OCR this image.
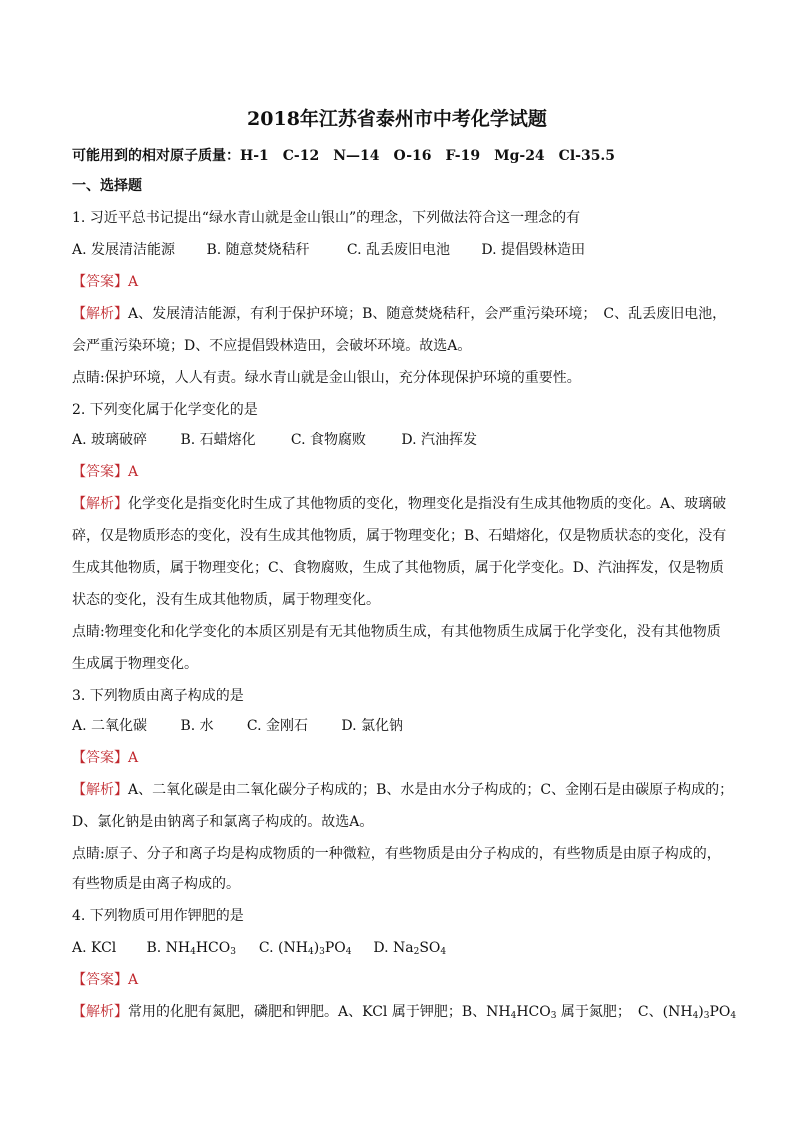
2018年江苏省泰州市中考化学试题
可能用到的相对原子质量：H-1　C-12　N—14　O-16　F-19　Mg-24　Cl-35.5
一、选择题
1. 习近平总书记提出“绿水青山就是金山银山”的理念，下列做法符合这一理念的有
A. 发展清洁能源 B. 随意焚烧秸秆	C. 乱丢废旧电池 D. 提倡毁林造田
【答案】A
【解析】A、发展清洁能源，有利于保护环境；B、随意焚烧秸秆，会严重污染环境；　C、乱丢废旧电池，
会严重污染环境；D、不应提倡毁林造田，会破坏环境。故选A。
点睛:保护环境，人人有责。绿水青山就是金山银山，充分体现保护环境的重要性。
2. 下列变化属于化学变化的是
A. 玻璃破碎 B. 石蜡熔化	C. 食物腐败	D. 汽油挥发
【答案】A
【解析】化学变化是指变化时生成了其他物质的变化，物理变化是指没有生成其他物质的变化。A、玻璃破
碎，仅是物质形态的变化，没有生成其他物质，属于物理变化；B、石蜡熔化，仅是物质状态的变化，没有
生成其他物质，属于物理变化；C、食物腐败，生成了其他物质，属于化学变化。D、汽油挥发，仅是物质
状态的变化，没有生成其他物质，属于物理变化。
点睛:物理变化和化学变化的本质区别是有无其他物质生成，有其他物质生成属于化学变化，没有其他物质
生成属于物理变化。
3. 下列物质由离子构成的是
A. 二氧化碳 B. 水 C. 金刚石 D. 氯化钠
【答案】A
【解析】A、二氧化碳是由二氧化碳分子构成的；B、水是由水分子构成的；C、金刚石是由碳原子构成的；
D、氯化钠是由钠离子和氯离子构成的。故选A。
点睛:原子、分子和离子均是构成物质的一种微粒，有些物质是由分子构成的，有些物质是由原子构成的，
有些物质是由离子构成的。
4. 下列物质可用作钾肥的是
A. KCl B. $NH_4HCO_3$ C. $(NH_4)_3PO_4$ D. $Na_2SO_4$
【答案】A
【解析】常用的化肥有氮肥，磷肥和钾肥。A、KCl 属于钾肥；B、$NH_4HCO_3$ 属于氮肥；　C、$(NH_4)_3PO_4$
